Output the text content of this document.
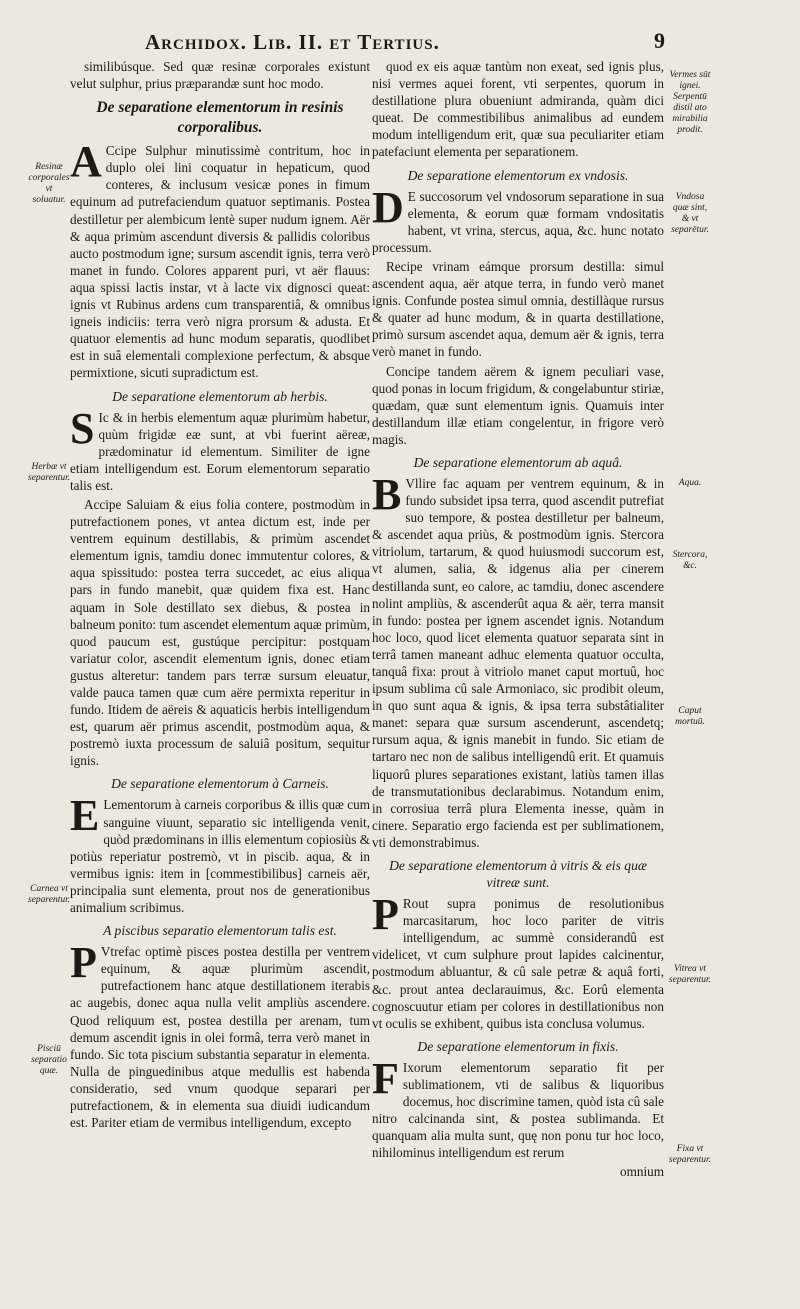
Archidox. Lib. II. et Tertius.	9

similibúsque. Sed quæ resinæ corporales existunt velut sulphur, prius præparandæ sunt hoc modo.

De separatione elementorum in resinis corporalibus.

A Ccipe Sulphur minutissimè contritum, hoc in duplo olei lini coquatur in hepaticum, quod conteres, & inclusum vesicæ pones in fimum equinum ad putrefaciendum quatuor septimanis. Postea destilletur per alembicum lentè super nudum ignem. Aër & aqua primùm ascendunt diversis & pallidis coloribus aucto postmodum igne; sursum ascendit ignis, terra verò manet in fundo. Colores apparent puri, vt aër flauus: aqua spissi lactis instar, vt à lacte vix dignosci queat: ignis vt Rubinus ardens cum transparentiâ, & omnibus igneis indiciis: terra verò nigra prorsum & adusta. Et quatuor elementis ad hunc modum separatis, quodlibet est in suâ elementali complexione perfectum, & absque permixtione, sicuti supradictum est.

De separatione elementorum ab herbis.

S Ic & in herbis elementum aquæ plurimùm habetur, quùm frigidæ eæ sunt, at vbi fuerint aëreæ, prædominatur id elementum. Similiter de igne etiam intelligendum est. Eorum elementorum separatio talis est.

Accipe Saluiam & eius folia contere, postmodùm in putrefactionem pones, vt antea dictum est, inde per ventrem equinum destillabis, & primùm ascendet elementum ignis, tamdiu donec immutentur colores, & aqua spissitudo: postea terra succedet, ac eius aliqua pars in fundo manebit, quæ quidem fixa est. Hanc aquam in Sole destillato sex diebus, & postea in balneum ponito: tum ascendet elementum aquæ primùm, quod paucum est, gustúque percipitur: postquam variatur color, ascendit elementum ignis, donec etiam gustus alteretur: tandem pars terræ sursum eleuatur, valde pauca tamen quæ cum aëre permixta reperitur in fundo. Itidem de aëreis & aquaticis herbis intelligendum est, quarum aër primus ascendit, postmodùm aqua, & postremò iuxta processum de saluiâ positum, sequitur ignis.

De separatione elementorum à Carneis.

E Lementorum à carneis corporibus & illis quæ cum sanguine viuunt, separatio sic intelligenda venit, quòd prædominans in illis elementum copiosiùs & potiùs reperiatur postremò, vt in piscib. aqua, & in vermibus ignis: item in [commestibilibus] carneis aër, principalia sunt elementa, prout nos de generationibus animalium scribimus.

A piscibus separatio elementorum talis est.

P Vtrefac optimè pisces postea destilla per ventrem equinum, & aquæ plurimùm ascendit, putrefactionem hanc atque destillationem iterabis ac augebis, donec aqua nulla velit ampliùs ascendere. Quod reliquum est, postea destilla per arenam, tum demum ascendit ignis in olei formâ, terra verò manet in fundo. Sic tota piscium substantia separatur in elementa. Nulla de pinguedinibus atque medullis est habenda consideratio, sed vnum quodque separari per putrefactionem, & in elementa sua diuidi iudicandum est. Pariter etiam de vermibus intelligendum, excepto

quod ex eis aquæ tantùm non exeat, sed ignis plus, nisi vermes aquei forent, vti serpentes, quorum in destillatione plura obueniunt admiranda, quàm dici queat. De commestibilibus animalibus ad eundem modum intelligendum erit, quæ sua peculiariter etiam patefaciunt elementa per separationem.

De separatione elementorum ex vndosis.

D E succosorum vel vndosorum separatione in sua elementa, & eorum quæ formam vndositatis habent, vt vrina, stercus, aqua, &c. hunc notato processum.

Recipe vrinam eámque prorsum destilla: simul ascendent aqua, aër atque terra, in fundo verò manet ignis. Confunde postea simul omnia, destillàque rursus & quater ad hunc modum, & in quarta destillatione, primò sursum ascendet aqua, demum aër & ignis, terra verò manet in fundo.

Concipe tandem aërem & ignem peculiari vase, quod ponas in locum frigidum, & congelabuntur stiriæ, quædam, quæ sunt elementum ignis. Quamuis inter destillandum illæ etiam congelentur, in frigore verò magis.

De separatione elementorum ab aquâ.

B Vllire fac aquam per ventrem equinum, & in fundo subsidet ipsa terra, quod ascendit putrefiat suo tempore, & postea destilletur per balneum, & ascendet aqua priùs, & postmodùm ignis. Stercora vitriolum, tartarum, & quod huiusmodi succorum est, vt alumen, salia, & idgenus alia per cinerem destillanda sunt, eo calore, ac tamdiu, donec ascendere nolint ampliùs, & ascenderût aqua & aër, terra mansit in fundo: postea per ignem ascendet ignis. Notandum hoc loco, quod licet elementa quatuor separata sint in terrâ tamen maneant adhuc elementa quatuor occulta, tanquâ fixa: prout à vitriolo manet caput mortuû, hoc ipsum sublima cû sale Armoniaco, sic prodibit oleum, in quo sunt aqua & ignis, & ipsa terra substâtialiter manet: separa quæ sursum ascenderunt, ascendetq; rursum aqua, & ignis manebit in fundo. Sic etiam de tartaro nec non de salibus intelligendû erit. Et quamuis liquorû plures separationes existant, latiùs tamen illas de transmutationibus declarabimus. Notandum enim, in corrosiua terrâ plura Elementa inesse, quàm in cinere. Separatio ergo facienda est per sublimationem, vti demonstrabimus.

De separatione elementorum à vitris & eis quæ vitreæ sunt.

P Rout supra ponimus de resolutionibus marcasitarum, hoc loco pariter de vitris intelligendum, ac summè considerandû est videlicet, vt cum sulphure prout lapides calcinentur, postmodum abluantur, & cû sale petræ & aquâ forti, &c. prout antea declarauimus, &c. Eorû elementa cognoscuutur etiam per colores in destillationibus non vt oculis se exhibent, quibus ista conclusa volumus.

De separatione elementorum in fixis.

F Ixorum elementorum separatio fit per sublimationem, vti de salibus & liquoribus docemus, hoc discrimine tamen, quòd ista cû sale nitro calcinanda sint, & postea sublimanda. Et quanquam alia multa sunt, quę non ponu tur hoc loco, nihilominus intelligendum est rerum

omnium

Resinæ corporales vt soluatur.
Herbæ vt separentur.
Carnea vt separentur.
Pisciū separatio quæ.
Vermes sūt ignei. Serpentū distil ato mirabilia prodit.
Vndosa quæ sint, & vt separētur.
Aqua.
Stercora, &c.
Caput mortuū.
Vitrea vt separentur.
Fixa vt separentur.
